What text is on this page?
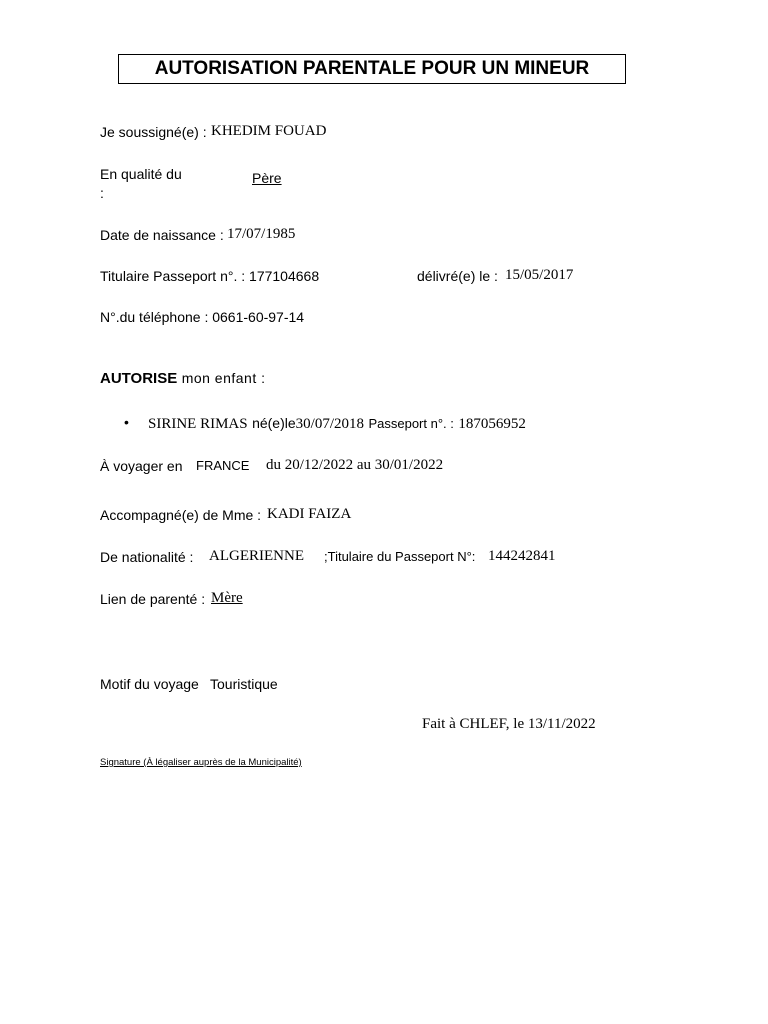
AUTORISATION PARENTALE POUR UN MINEUR
Je soussigné(e) : KHEDIM FOUAD
En qualité du
:
Père
Date de naissance : 17/07/1985
Titulaire Passeport n°. : 177104668	délivré(e) le : 15/05/2017
N°.du téléphone : 0661-60-97-14
AUTORISE mon enfant :
• SIRINE RIMAS né(e)le30/07/2018 Passeport n°. : 187056952
À voyager en FRANCE du 20/12/2022 au 30/01/2022
Accompagné(e) de Mme : KADI FAIZA
De nationalité : ALGERIENNE ;Titulaire du Passeport N°: 144242841
Lien de parenté : Mère
Motif du voyage Touristique
Fait à CHLEF, le 13/11/2022
Signature (À légaliser auprès de la Municipalité)
